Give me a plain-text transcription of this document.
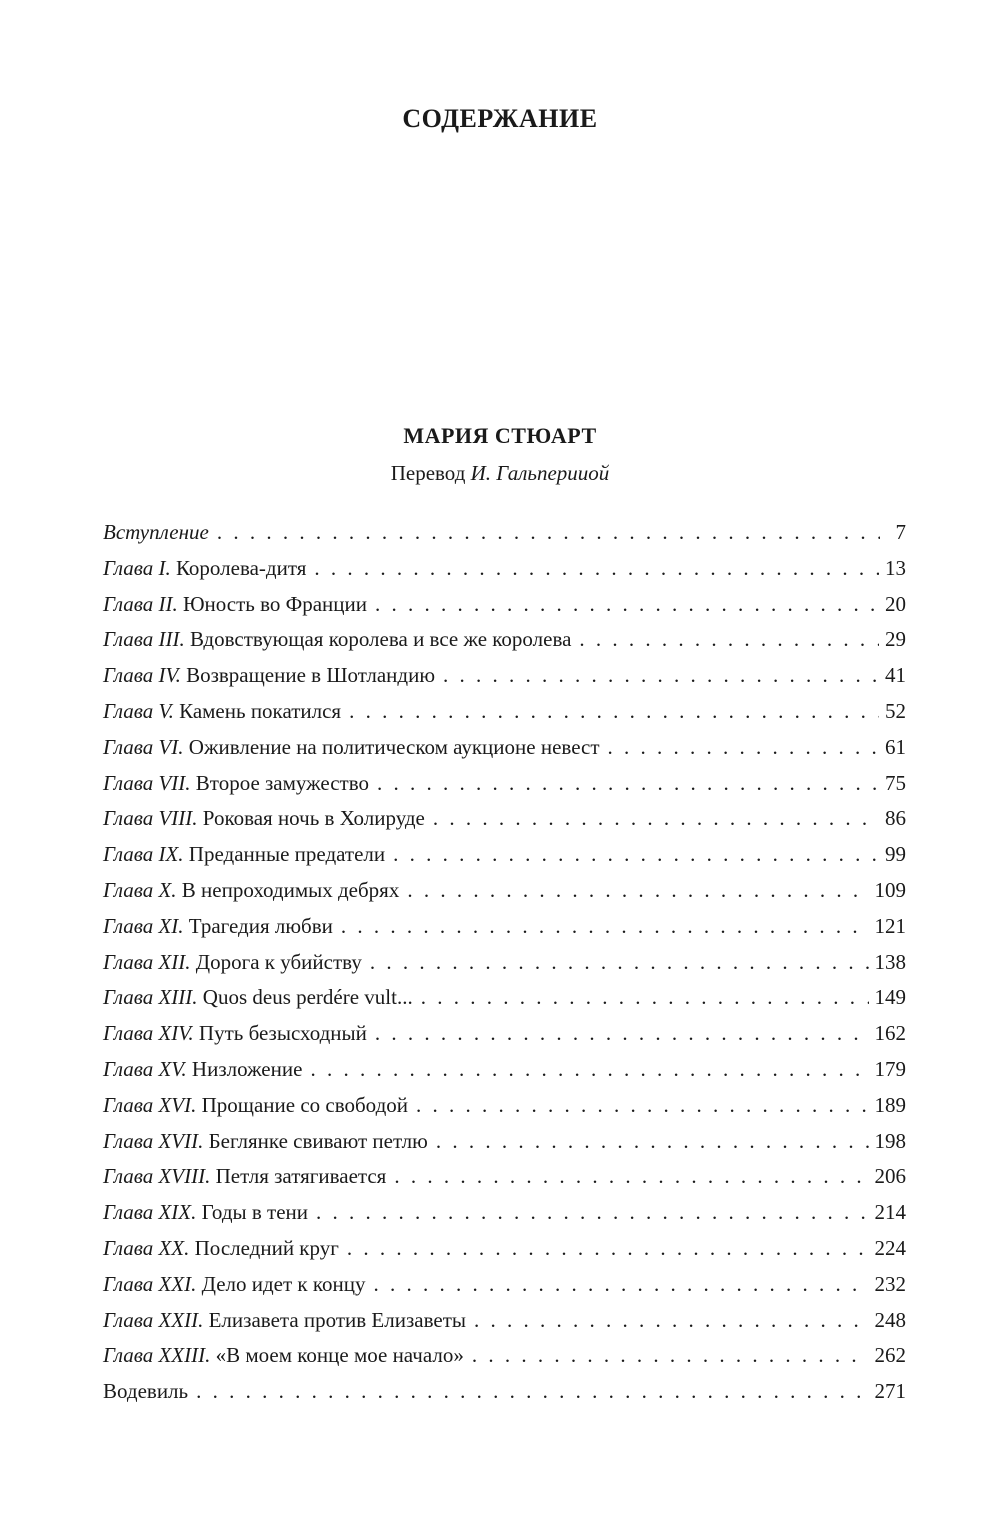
СОДЕРЖАНИЕ
МАРИЯ СТЮАРТ

Перевод И. Гальперииой

Вступление . . .	7
Глава I. Королева-дитя . . .	13
Глава II. Юность во Франции . . .	20
Глава III. Вдовствующая королева и все же королева . . .	29
Глава IV. Возвращение в Шотландию . . .	41
Глава V. Камень покатился . . .	52
Глава VI. Оживление на политическом аукционе невест . . .	61
Глава VII. Второе замужество . . .	75
Глава VIII. Роковая ночь в Холируде . . .	86
Глава IX. Преданные предатели . . .	99
Глава X. В непроходимых дебрях . . .	109
Глава XI. Трагедия любви . . .	121
Глава XII. Дорога к убийству . . .	138
Глава XIII. Quos deus perdére vult... . . .	149
Глава XIV. Путь безысходный . . .	162
Глава XV. Низложение . . .	179
Глава XVI. Прощание со свободой . . .	189
Глава XVII. Беглянке свивают петлю . . .	198
Глава XVIII. Петля затягивается . . .	206
Глава XIX. Годы в тени . . .	214
Глава XX. Последний круг . . .	224
Глава XXI. Дело идет к концу . . .	232
Глава XXII. Елизавета против Елизаветы . . .	248
Глава XXIII. «В моем конце мое начало» . . .	262
Водевиль . . .	271
